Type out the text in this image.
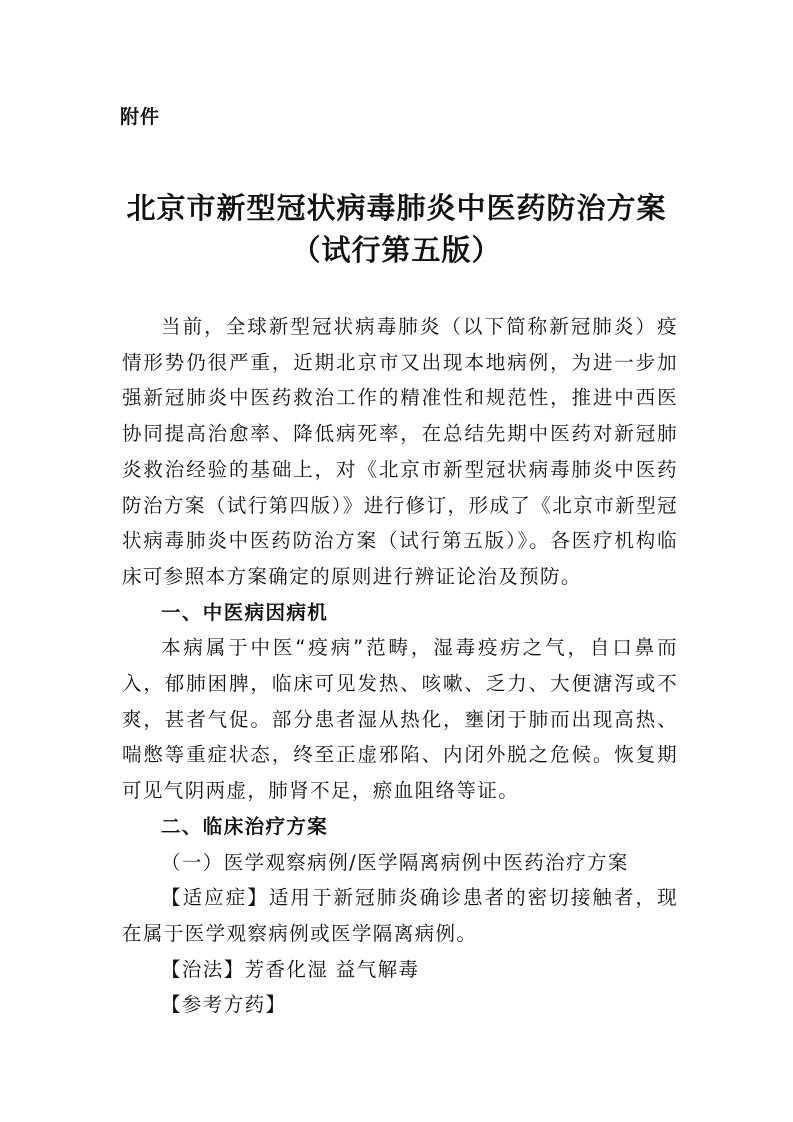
附件
北京市新型冠状病毒肺炎中医药防治方案
（试行第五版）

当前，全球新型冠状病毒肺炎（以下简称新冠肺炎）疫情形势仍很严重，近期北京市又出现本地病例，为进一步加强新冠肺炎中医药救治工作的精准性和规范性，推进中西医协同提高治愈率、降低病死率，在总结先期中医药对新冠肺炎救治经验的基础上，对《北京市新型冠状病毒肺炎中医药防治方案（试行第四版）》进行修订，形成了《北京市新型冠状病毒肺炎中医药防治方案（试行第五版）》。各医疗机构临床可参照本方案确定的原则进行辨证论治及预防。

一、中医病因病机

本病属于中医“疫病”范畴，湿毒疫疠之气，自口鼻而入，郁肺困脾，临床可见发热、咳嗽、乏力、大便溏泻或不爽，甚者气促。部分患者湿从热化，壅闭于肺而出现高热、喘憋等重症状态，终至正虚邪陷、内闭外脱之危候。恢复期可见气阴两虚，肺肾不足，瘀血阻络等证。

二、临床治疗方案

（一）医学观察病例/医学隔离病例中医药治疗方案

【适应症】适用于新冠肺炎确诊患者的密切接触者，现在属于医学观察病例或医学隔离病例。

【治法】芳香化湿 益气解毒

【参考方药】
